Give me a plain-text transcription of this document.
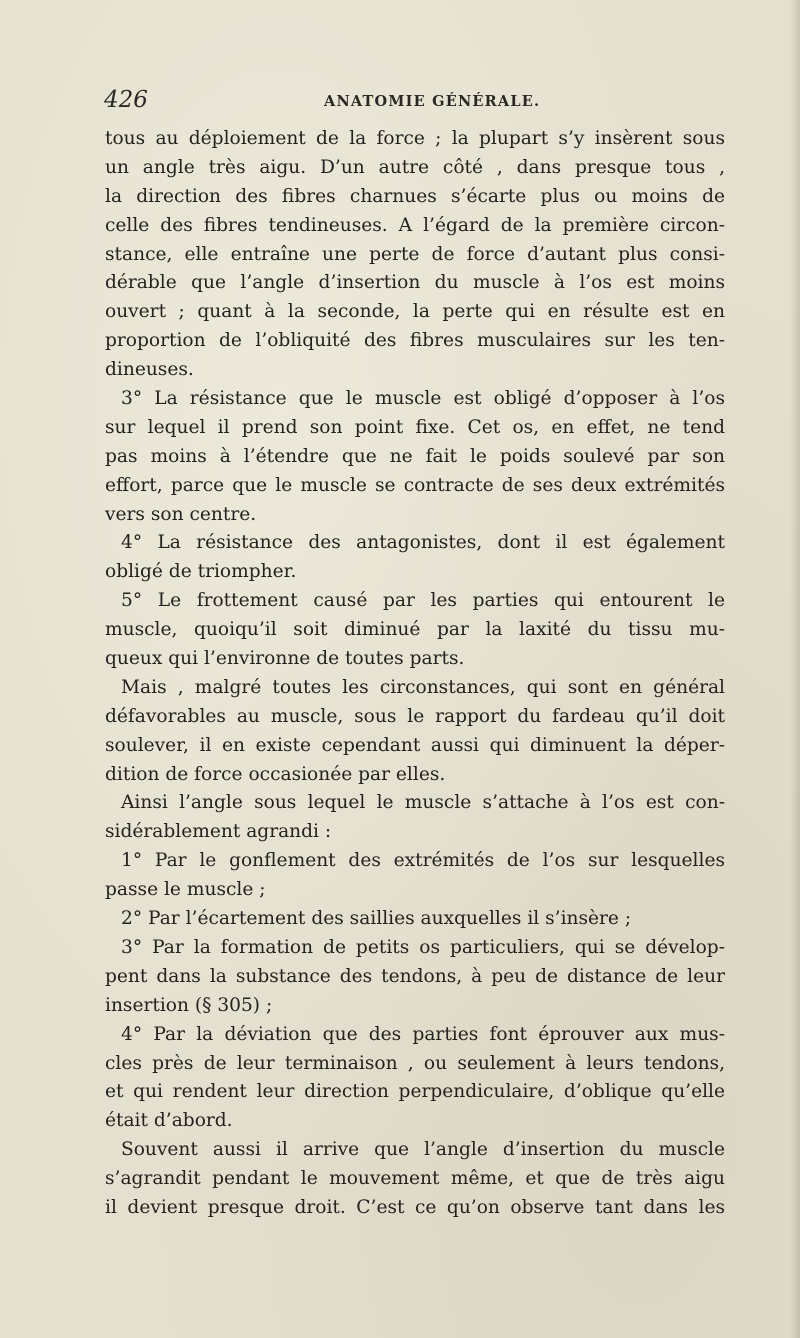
426	ANATOMIE GÉNÉRALE.
tous au déploiement de la force ; la plupart s’y insèrent sous
un angle très aigu. D’un autre côté , dans presque tous ,
la direction des fibres charnues s’écarte plus ou moins de
celle des fibres tendineuses. A l’égard de la première circon-
stance, elle entraîne une perte de force d’autant plus consi-
dérable que l’angle d’insertion du muscle à l’os est moins
ouvert ; quant à la seconde, la perte qui en résulte est en
proportion de l’obliquité des fibres musculaires sur les ten-
dineuses.
3° La résistance que le muscle est obligé d’opposer à l’os
sur lequel il prend son point fixe. Cet os, en effet, ne tend
pas moins à l’étendre que ne fait le poids soulevé par son
effort, parce que le muscle se contracte de ses deux extrémités
vers son centre.
4° La résistance des antagonistes, dont il est également
obligé de triompher.
5° Le frottement causé par les parties qui entourent le
muscle, quoiqu’il soit diminué par la laxité du tissu mu-
queux qui l’environne de toutes parts.
Mais , malgré toutes les circonstances, qui sont en général
défavorables au muscle, sous le rapport du fardeau qu’il doit
soulever, il en existe cependant aussi qui diminuent la déper-
dition de force occasionée par elles.
Ainsi l’angle sous lequel le muscle s’attache à l’os est con-
sidérablement agrandi :
1° Par le gonflement des extrémités de l’os sur lesquelles
passe le muscle ;
2° Par l’écartement des saillies auxquelles il s’insère ;
3° Par la formation de petits os particuliers, qui se dévelop-
pent dans la substance des tendons, à peu de distance de leur
insertion (§ 305) ;
4° Par la déviation que des parties font éprouver aux mus-
cles près de leur terminaison , ou seulement à leurs tendons,
et qui rendent leur direction perpendiculaire, d’oblique qu’elle
était d’abord.
Souvent aussi il arrive que l’angle d’insertion du muscle
s’agrandit pendant le mouvement même, et que de très aigu
il devient presque droit. C’est ce qu’on observe tant dans les
